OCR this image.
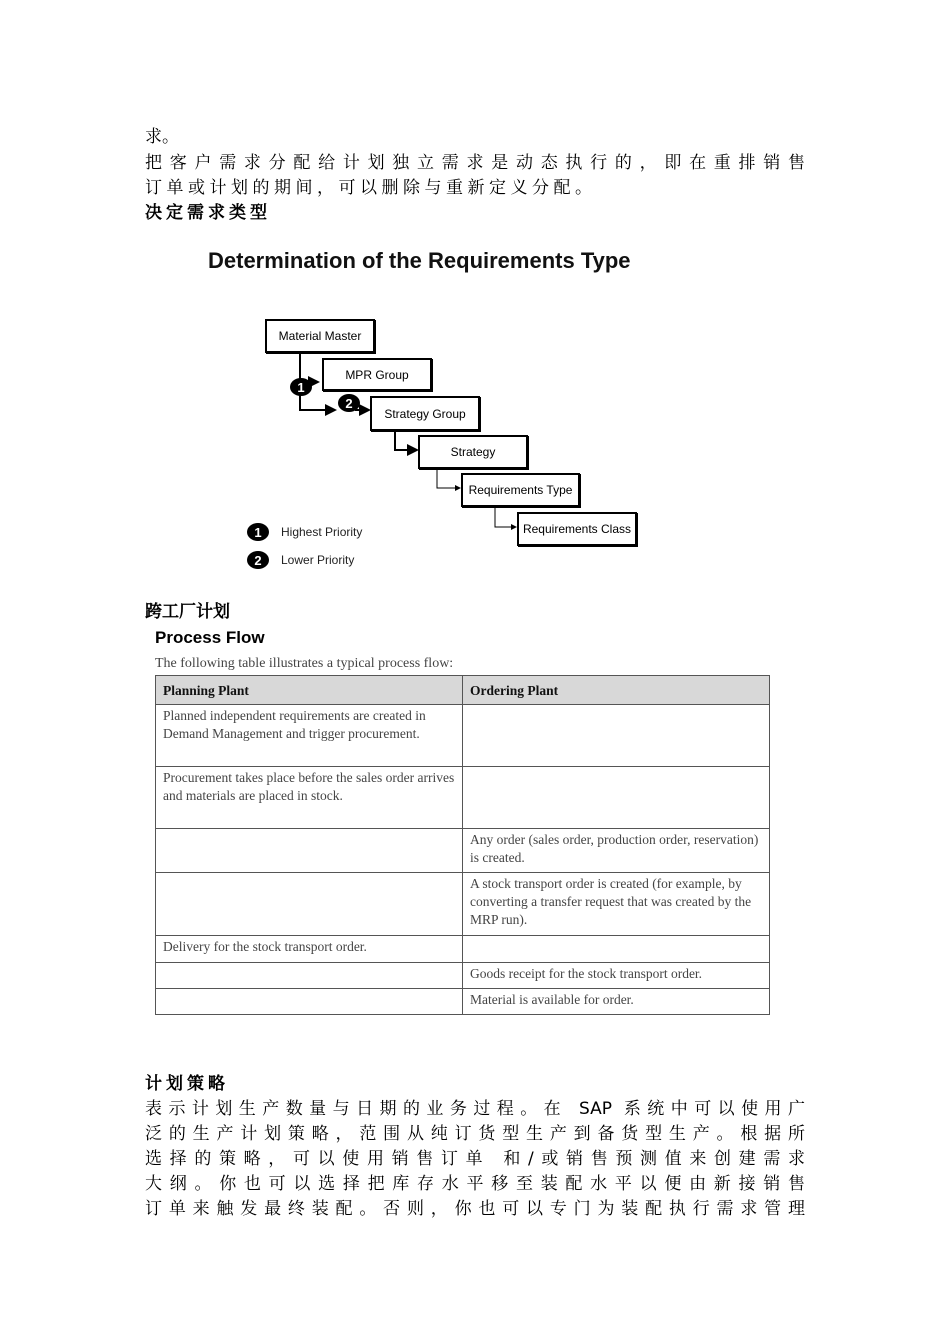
求。
把客户需求分配给计划独立需求是动态执行的，即在重排销售
订单或计划的期间，可以删除与重新定义分配。
决定需求类型
Determination of the Requirements Type
Material Master
MPR Group
Strategy Group
Strategy
Requirements Type
Requirements Class
1
2
1	Highest Priority
2	Lower Priority
跨工厂计划
Process Flow
The following table illustrates a typical process flow:
Planning Plant	Ordering Plant
Planned independent requirements are created in Demand Management and trigger procurement.	
Procurement takes place before the sales order arrives and materials are placed in stock.	
	Any order (sales order, production order, reservation) is created.
	A stock transport order is created (for example, by converting a transfer request that was created by the MRP run).
Delivery for the stock transport order.	
	Goods receipt for the stock transport order.
	Material is available for order.
计划策略
表示计划生产数量与日期的业务过程。在 SAP 系统中可以使用广
泛的生产计划策略，范围从纯订货型生产到备货型生产。根据所
选择的策略，可以使用销售订单 和/或销售预测值来创建需求
大纲。你也可以选择把库存水平移至装配水平以便由新接销售
订单来触发最终装配。否则，你也可以专门为装配执行需求管理
